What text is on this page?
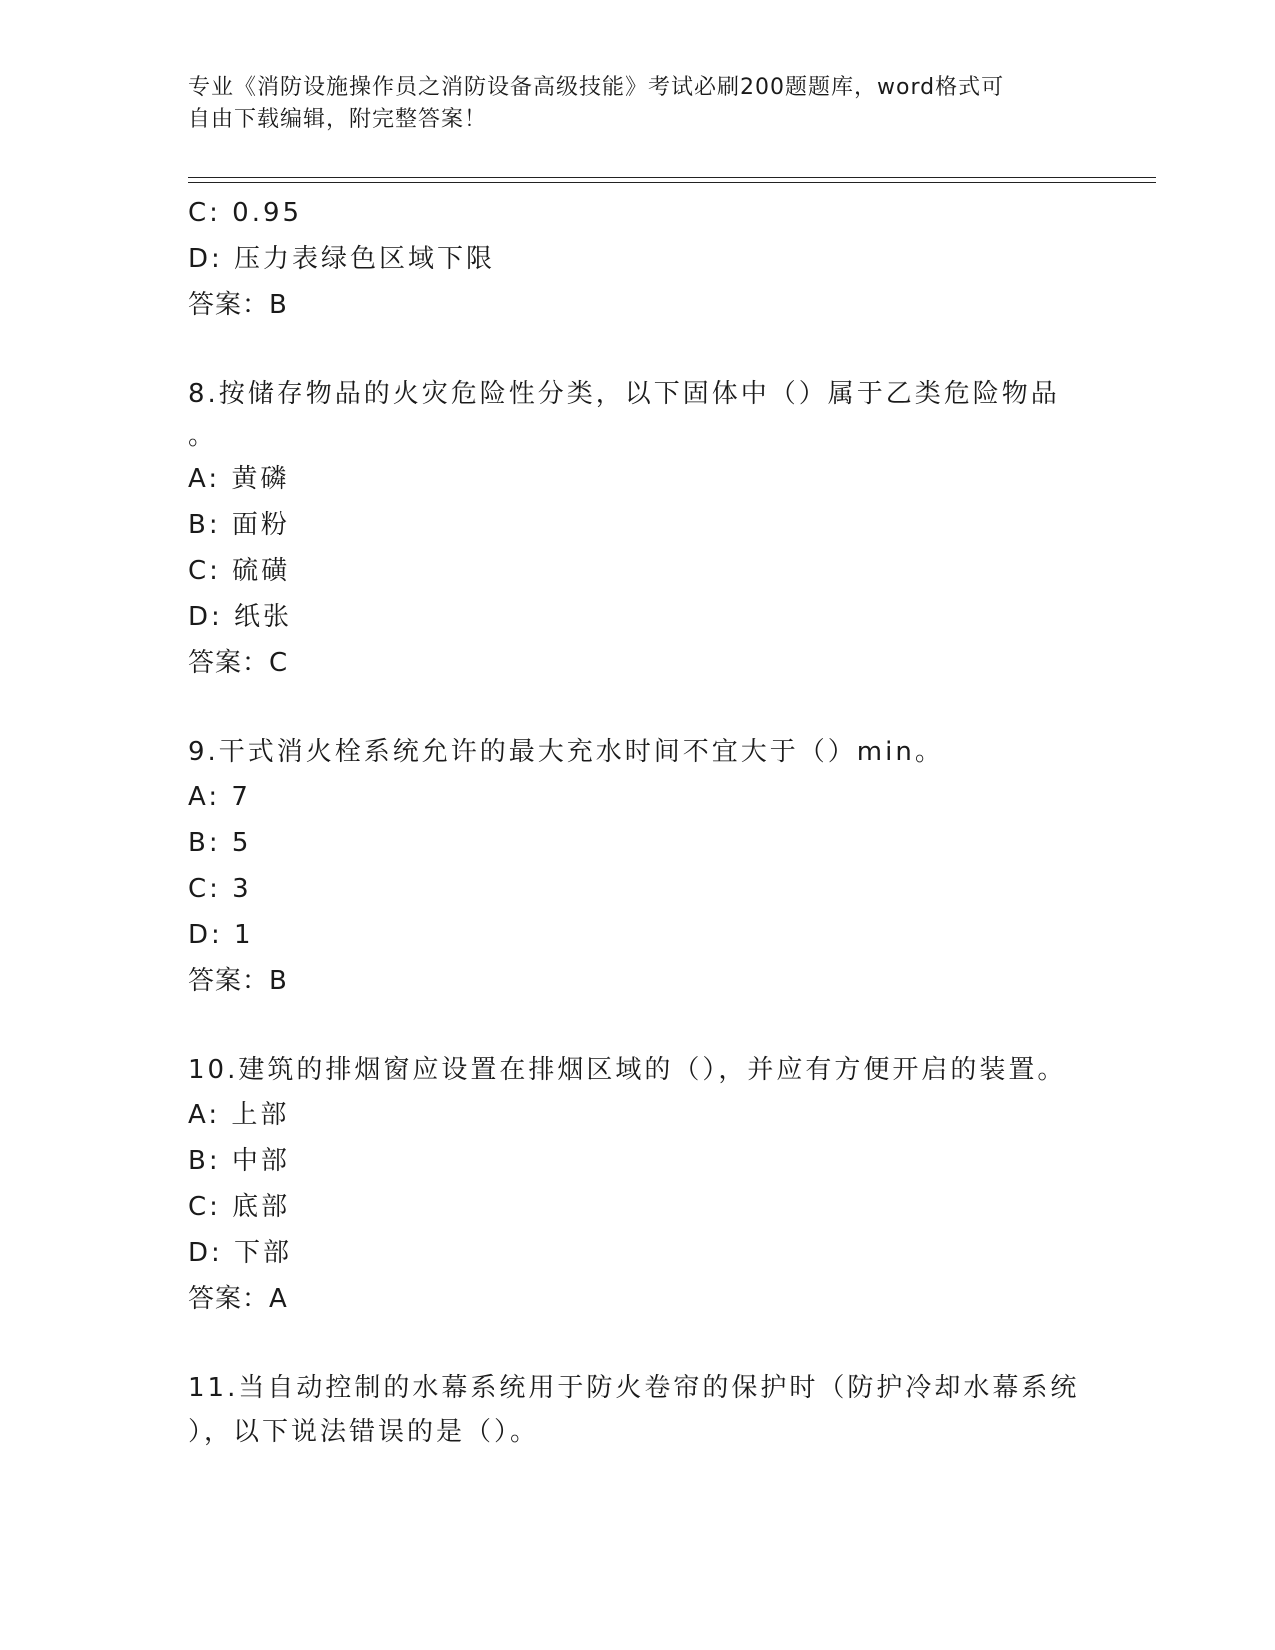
专业《消防设施操作员之消防设备高级技能》考试必刷200题题库，word格式可
自由下载编辑，附完整答案！
C: 0.95
D: 压力表绿色区域下限
答案：B
8.按储存物品的火灾危险性分类，以下固体中（）属于乙类危险物品
。
A: 黄磷
B: 面粉
C: 硫磺
D: 纸张
答案：C
9.干式消火栓系统允许的最大充水时间不宜大于（）min。
A: 7
B: 5
C: 3
D: 1
答案：B
10.建筑的排烟窗应设置在排烟区域的（），并应有方便开启的装置。
A: 上部
B: 中部
C: 底部
D: 下部
答案：A
11.当自动控制的水幕系统用于防火卷帘的保护时（防护冷却水幕系统
），以下说法错误的是（）。
